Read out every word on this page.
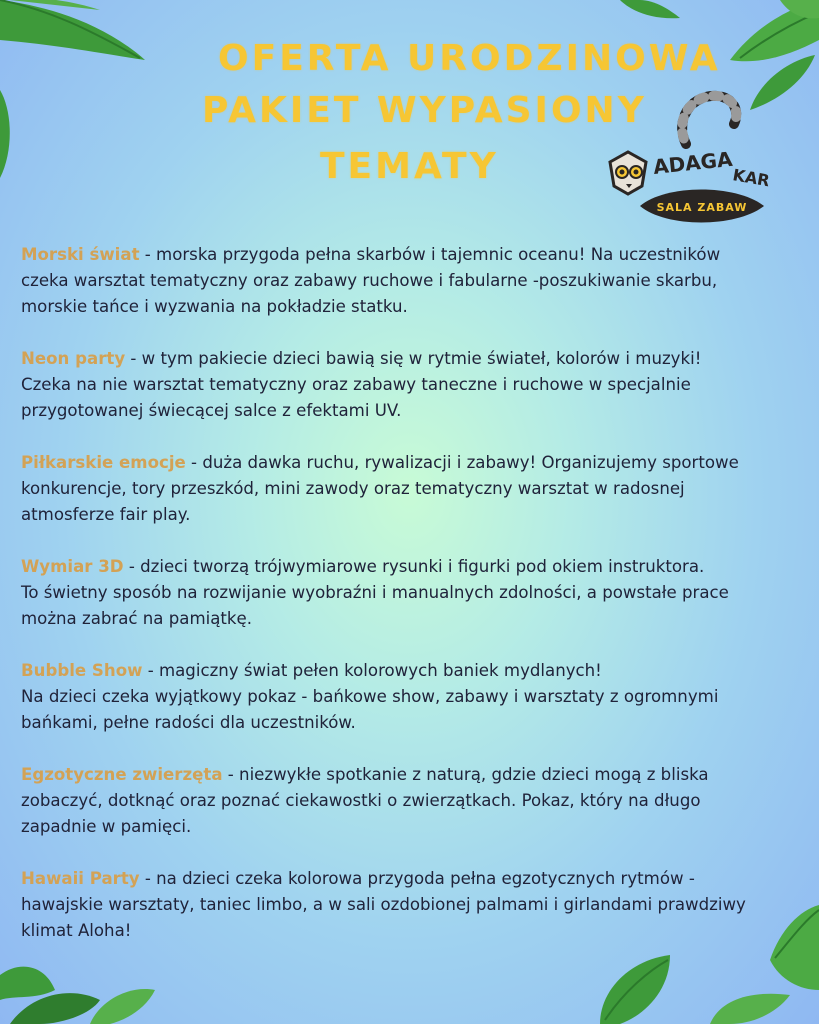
OFERTA URODZINOWA
PAKIET WYPASIONY
TEMATY	ADAGA
KAR
SALA ZABAW
Morski świat - morska przygoda pełna skarbów i tajemnic oceanu! Na uczestników
czeka warsztat tematyczny oraz zabawy ruchowe i fabularne -poszukiwanie skarbu,
morskie tańce i wyzwania na pokładzie statku.
Neon party - w tym pakiecie dzieci bawią się w rytmie świateł, kolorów i muzyki!
Czeka na nie warsztat tematyczny oraz zabawy taneczne i ruchowe w specjalnie
przygotowanej świecącej salce z efektami UV.
Piłkarskie emocje - duża dawka ruchu, rywalizacji i zabawy! Organizujemy sportowe
konkurencje, tory przeszkód, mini zawody oraz tematyczny warsztat w radosnej
atmosferze fair play.
Wymiar 3D - dzieci tworzą trójwymiarowe rysunki i figurki pod okiem instruktora.
To świetny sposób na rozwijanie wyobraźni i manualnych zdolności, a powstałe prace
można zabrać na pamiątkę.
Bubble Show - magiczny świat pełen kolorowych baniek mydlanych!
Na dzieci czeka wyjątkowy pokaz - bańkowe show, zabawy i warsztaty z ogromnymi
bańkami, pełne radości dla uczestników.
Egzotyczne zwierzęta - niezwykłe spotkanie z naturą, gdzie dzieci mogą z bliska
zobaczyć, dotknąć oraz poznać ciekawostki o zwierzątkach. Pokaz, który na długo
zapadnie w pamięci.
Hawaii Party - na dzieci czeka kolorowa przygoda pełna egzotycznych rytmów -
hawajskie warsztaty, taniec limbo, a w sali ozdobionej palmami i girlandami prawdziwy
klimat Aloha!
